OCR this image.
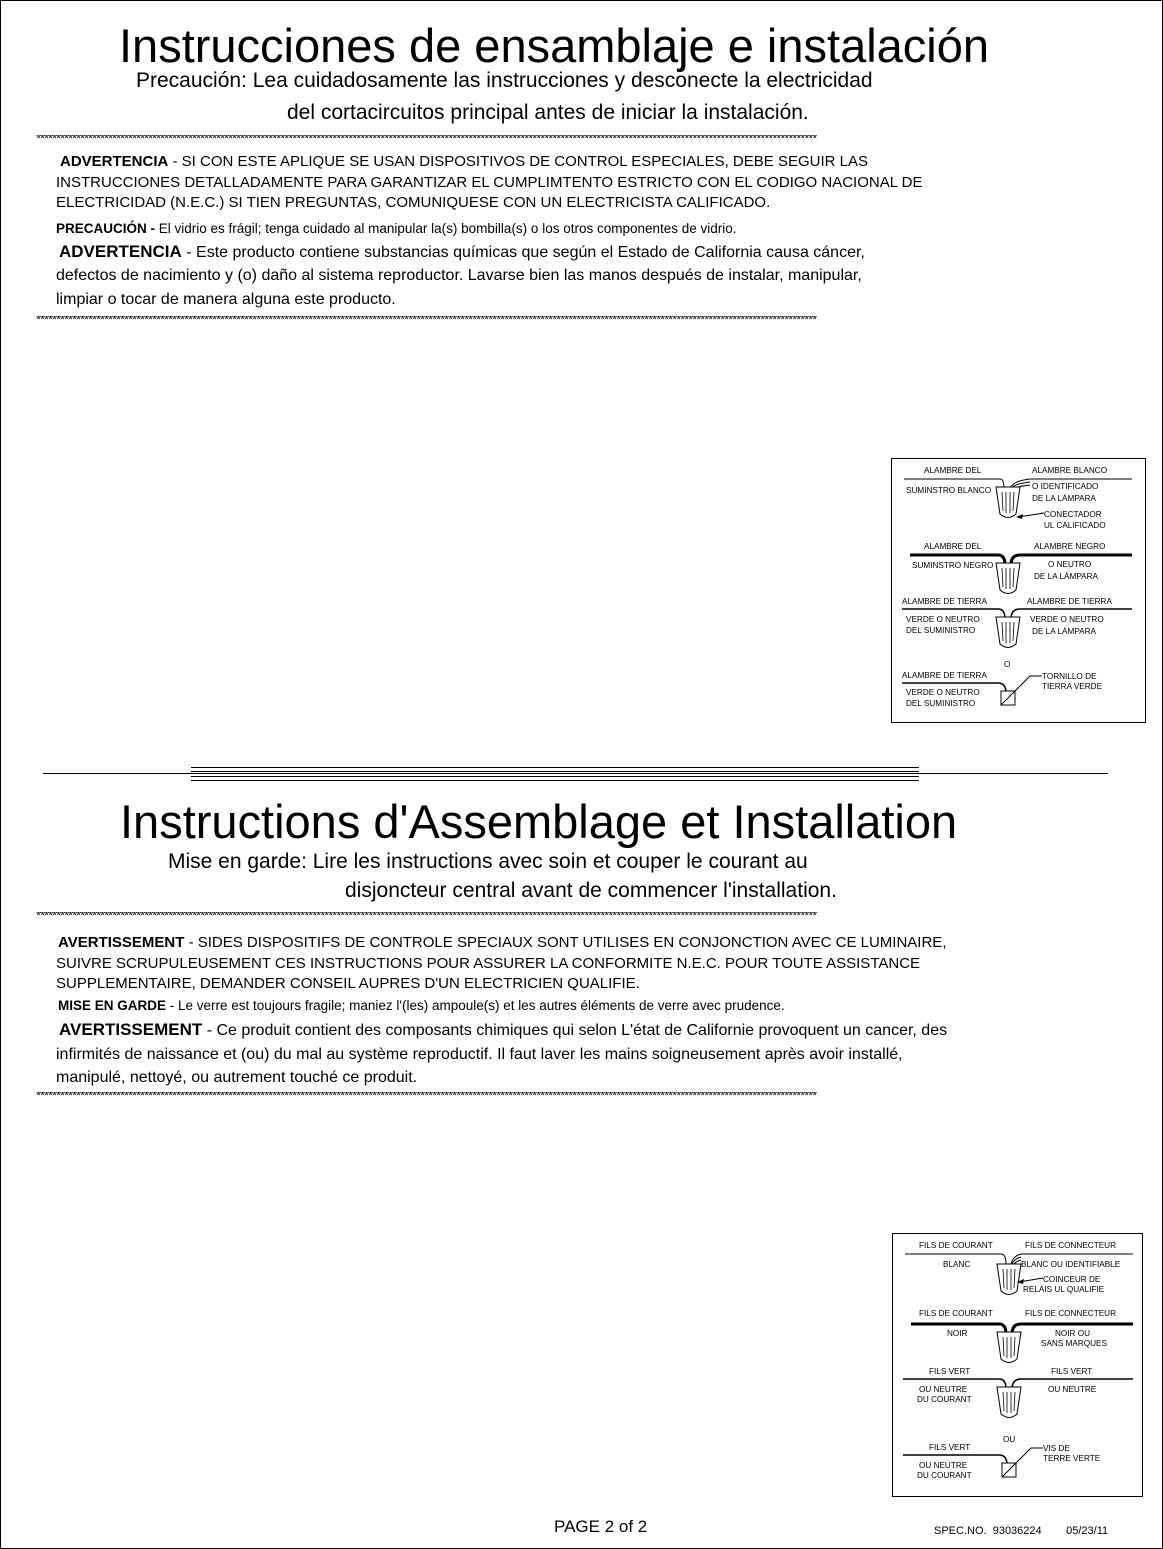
Instrucciones de ensamblaje e instalación
Precaución: Lea cuidadosamente las instrucciones y desconecte la electricidad
del cortacircuitos principal antes de iniciar la instalación.
***************************************************************************************************************************************************************************************************
ADVERTENCIA - SI CON ESTE APLIQUE SE USAN DISPOSITIVOS DE CONTROL ESPECIALES, DEBE SEGUIR LAS
INSTRUCCIONES DETALLADAMENTE PARA GARANTIZAR EL CUMPLIMTENTO ESTRICTO CON EL CODIGO NACIONAL DE
ELECTRICIDAD (N.E.C.) SI TIEN PREGUNTAS, COMUNIQUESE CON UN ELECTRICISTA CALIFICADO.
PRECAUCIÓN - El vidrio es frágil; tenga cuidado al manipular la(s) bombilla(s) o los otros componentes de vidrio.
ADVERTENCIA - Este producto contiene substancias químicas que según el Estado de California causa cáncer,
defectos de nacimiento y (o) daño al sistema reproductor. Lavarse bien las manos después de instalar, manipular,
limpiar o tocar de manera alguna este producto.
***************************************************************************************************************************************************************************************************
ALAMBRE DEL	ALAMBRE BLANCO
SUMINSTRO BLANCO	O IDENTIFICADO
DE LA LÁMPARA
CONECTADOR
UL CALIFICADO
ALAMBRE DEL	ALAMBRE NEGRO
SUMINSTRO NEGRO	O NEUTRO
DE LA LÁMPARA
ALAMBRE DE TIERRA	ALAMBRE DE TIERRA
VERDE O NEUTRO
DEL SUMINISTRO
VERDE O NEUTRO
DE LA LÁMPARA
O
ALAMBRE DE TIERRA
VERDE O NEUTRO
DEL SUMINISTRO
TORNILLO DE
TIERRA VERDE
Instructions d'Assemblage et Installation
Mise en garde: Lire les instructions avec soin et couper le courant au
disjoncteur central avant de commencer l'installation.
***************************************************************************************************************************************************************************************************
AVERTISSEMENT - SIDES DISPOSITIFS DE CONTROLE SPECIAUX SONT UTILISES EN CONJONCTION AVEC CE LUMINAIRE,
SUIVRE SCRUPULEUSEMENT CES INSTRUCTIONS POUR ASSURER LA CONFORMITE N.E.C. POUR TOUTE ASSISTANCE
SUPPLEMENTAIRE, DEMANDER CONSEIL AUPRES D'UN ELECTRICIEN QUALIFIE.
MISE EN GARDE - Le verre est toujours fragile; maniez l'(les) ampoule(s) et les autres éléments de verre avec prudence.
AVERTISSEMENT - Ce produit contient des composants chimiques qui selon L'état de Californie provoquent un cancer, des
infirmités de naissance et (ou) du mal au système reproductif. Il faut laver les mains soigneusement après avoir installé,
manipulé, nettoyé, ou autrement touché ce produit.
***************************************************************************************************************************************************************************************************
FILS DE COURANT	FILS DE CONNECTEUR
BLANC	BLANC OU IDENTIFIABLE
COINCEUR DE
RELAIS UL QUALIFIE
FILS DE COURANT	FILS DE CONNECTEUR
NOIR	NOIR OU
SANS MARQUES
FILS VERT	FILS VERT
OU NEUTRE
DU COURANT
OU NEUTRE
OU
FILS VERT
OU NEUTRE
DU COURANT
VIS DE
TERRE VERTE
PAGE 2 of 2	SPEC.NO. 93036224 05/23/11
